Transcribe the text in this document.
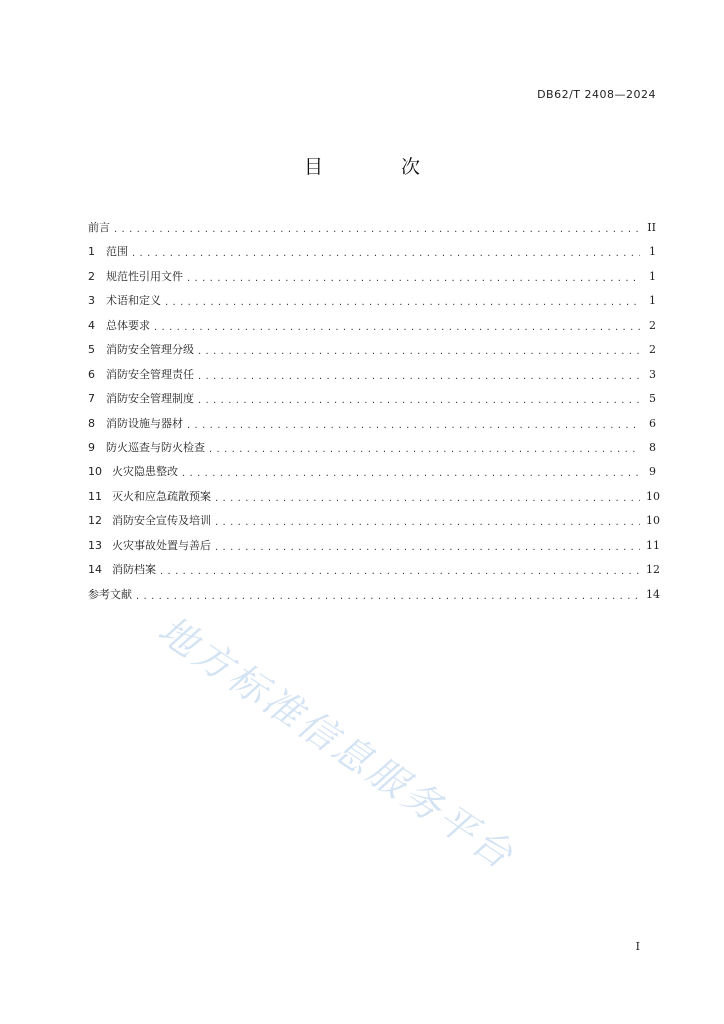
DB62/T 2408—2024
目 次
前言 . . .	II
1	范围 . . .	1
2	规范性引用文件 . . .	1
3	术语和定义 . . .	1
4	总体要求 . . .	2
5	消防安全管理分级 . . .	2
6	消防安全管理责任 . . .	3
7	消防安全管理制度 . . .	5
8	消防设施与器材 . . .	6
9	防火巡查与防火检查 . . .	8
10 火灾隐患整改 . . .	9
11 灭火和应急疏散预案 . . .	10
12 消防安全宣传及培训 . . .	10
13 火灾事故处置与善后 . . .	11
14 消防档案 . . .	12
参考文献 . . .	14
地方标准信息服务平台
I
